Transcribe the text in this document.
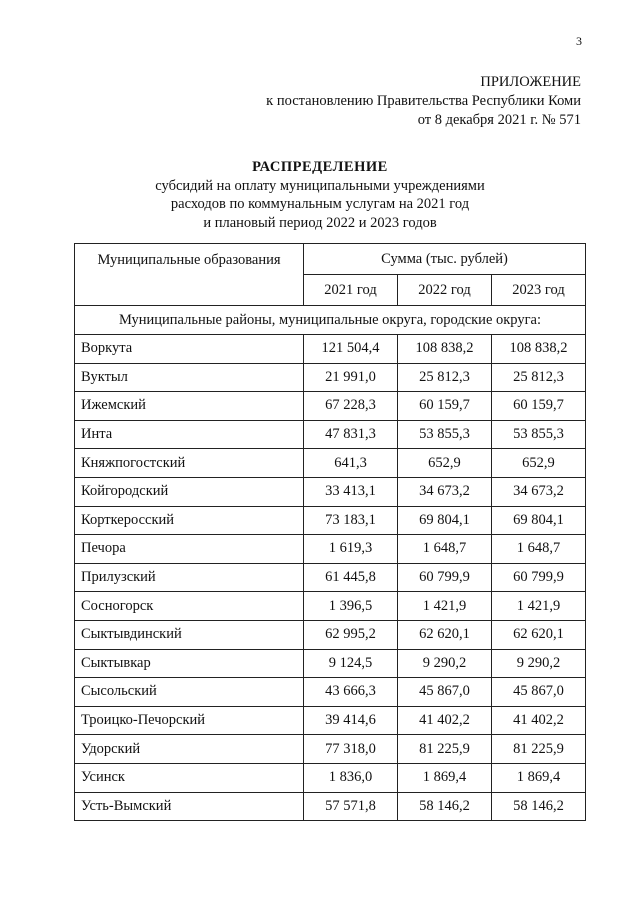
3
ПРИЛОЖЕНИЕ
к постановлению Правительства Республики Коми
от 8 декабря 2021 г. № 571
РАСПРЕДЕЛЕНИЕ
субсидий на оплату муниципальными учреждениями
расходов по коммунальным услугам на 2021 год
и плановый период 2022 и 2023 годов
Муниципальные образования	Сумма (тыс. рублей)		
	2021 год	2022 год	2023 год
Муниципальные районы, муниципальные округа, городские округа:			
Воркута	121 504,4	108 838,2	108 838,2
Вуктыл	21 991,0	25 812,3	25 812,3
Ижемский	67 228,3	60 159,7	60 159,7
Инта	47 831,3	53 855,3	53 855,3
Княжпогостский	641,3	652,9	652,9
Койгородский	33 413,1	34 673,2	34 673,2
Корткеросский	73 183,1	69 804,1	69 804,1
Печора	1 619,3	1 648,7	1 648,7
Прилузский	61 445,8	60 799,9	60 799,9
Сосногорск	1 396,5	1 421,9	1 421,9
Сыктывдинский	62 995,2	62 620,1	62 620,1
Сыктывкар	9 124,5	9 290,2	9 290,2
Сысольский	43 666,3	45 867,0	45 867,0
Троицко-Печорский	39 414,6	41 402,2	41 402,2
Удорский	77 318,0	81 225,9	81 225,9
Усинск	1 836,0	1 869,4	1 869,4
Усть-Вымский	57 571,8	58 146,2	58 146,2
